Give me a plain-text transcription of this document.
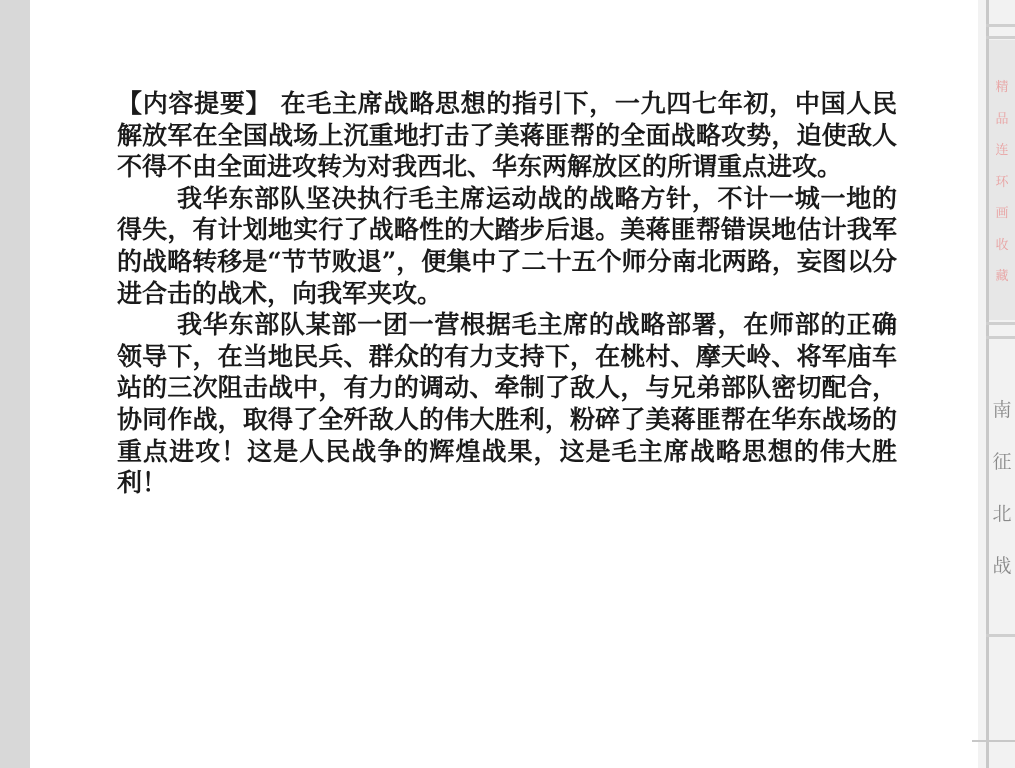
【内容提要】 在毛主席战略思想的指引下，一九四七年初，中国人民解放军在全国战场上沉重地打击了美蒋匪帮的全面战略攻势，迫使敌人不得不由全面进攻转为对我西北、华东两解放区的所谓重点进攻。

我华东部队坚决执行毛主席运动战的战略方针，不计一城一地的得失，有计划地实行了战略性的大踏步后退。美蒋匪帮错误地估计我军的战略转移是“节节败退”，便集中了二十五个师分南北两路，妄图以分进合击的战术，向我军夹攻。

我华东部队某部一团一营根据毛主席的战略部署，在师部的正确领导下，在当地民兵、群众的有力支持下，在桃村、摩天岭、将军庙车站的三次阻击战中，有力的调动、牵制了敌人，与兄弟部队密切配合，协同作战，取得了全歼敌人的伟大胜利，粉碎了美蒋匪帮在华东战场的重点进攻！这是人民战争的辉煌战果，这是毛主席战略思想的伟大胜利！

精
品
连
环
画
收
藏
南
征
北
战
